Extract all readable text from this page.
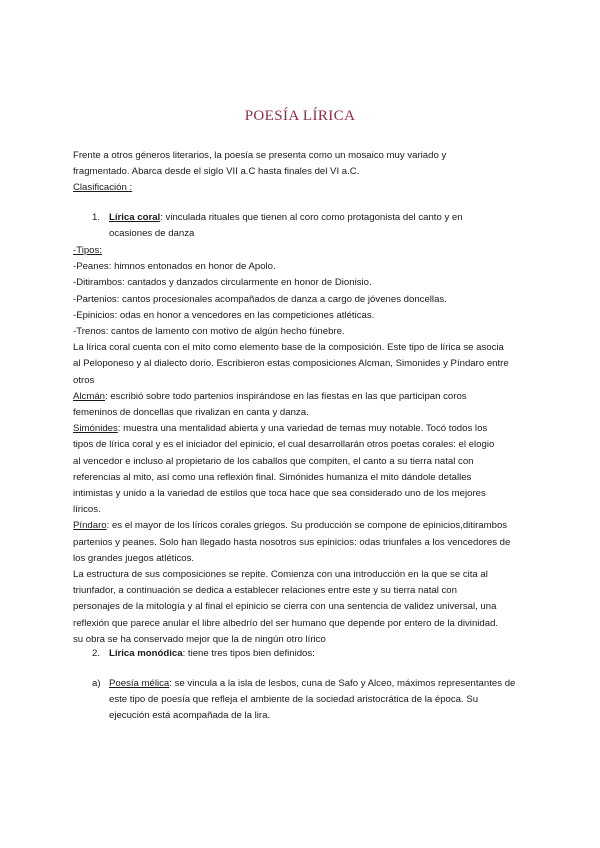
POESÍA LÍRICA

Frente a otros géneros literarios, la poesía se presenta como un mosaico muy variado y

fragmentado. Abarca desde el siglo VII a.C hasta finales del VI a.C.

Clasificación :

1. Lírica coral: vinculada rituales que tienen al coro como protagonista del canto y en

ocasiones de danza

-Tipos:

-Peanes: himnos entonados en honor de Apolo.

-Ditirambos: cantados y danzados circularmente en honor de Dionisio.

-Partenios: cantos procesionales acompañados de danza a cargo de jóvenes doncellas.

-Epinicios: odas en honor a vencedores en las competiciones atléticas.

-Trenos: cantos de lamento con motivo de algún hecho fúnebre.

La lírica coral cuenta con el mito como elemento base de la composición. Este tipo de lírica se asocia

al Peloponeso y al dialecto dorio. Escribieron estas composiciones Alcman, Simonides y Píndaro entre

otros

Alcmán: escribió sobre todo partenios inspirándose en las fiestas en las que participan coros

femeninos de doncellas que rivalizan en canta y danza.

Simónides: muestra una mentalidad abierta y una variedad de temas muy notable. Tocó todos los

tipos de lírica coral y es el iniciador del epinicio, el cual desarrollarán otros poetas corales: el elogio

al vencedor e incluso al propietario de los caballos que compiten, el canto a su tierra natal con

referencias al mito, así como una reflexión final. Simónides humaniza el mito dándole detalles

intimistas y unido a la variedad de estilos que toca hace que sea considerado uno de los mejores

líricos.

Píndaro: es el mayor de los líricos corales griegos. Su producción se compone de epinicios,ditirambos

partenios y peanes. Solo han llegado hasta nosotros sus epinicios: odas triunfales a los vencedores de

los grandes juegos atléticos.

La estructura de sus composiciones se repite. Comienza con una introducción en la que se cita al

triunfador, a continuación se dedica a establecer relaciones entre este y su tierra natal con

personajes de la mitología y al final el epinicio se cierra con una sentencia de validez universal, una

reflexión que parece anular el libre albedrío del ser humano que depende por entero de la divinidad.

su obra se ha conservado mejor que la de ningún otro lírico

2. Lírica monódica: tiene tres tipos bien definidos:

a) Poesía mélica: se vincula a la isla de lesbos, cuna de Safo y Alceo, máximos representantes de

este tipo de poesía que refleja el ambiente de la sociedad aristocrática de la época. Su

ejecución está acompañada de la lira.
